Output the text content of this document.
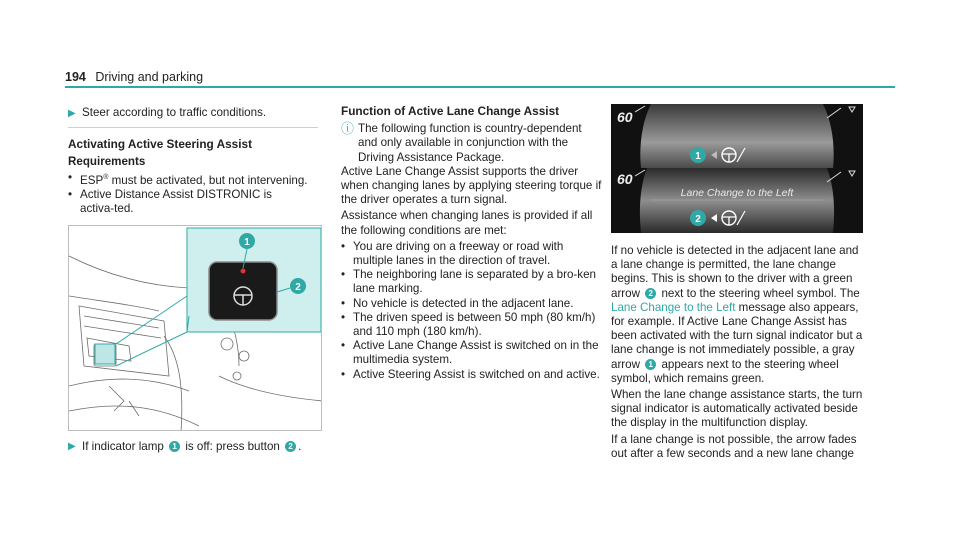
194 Driving and parking
▶ Steer according to traffic conditions.
Activating Active Steering Assist
Requirements
• ESP® must be activated, but not intervening.
• Active Distance Assist DISTRONIC is activa‑ted.
1
2
▶ If indicator lamp 1 is off: press button 2 .
Function of Active Lane Change Assist
ⓘ The following function is country‑dependent and only available in conjunction with the Driving Assistance Package.

Active Lane Change Assist supports the driver when changing lanes by applying steering torque if the driver operates a turn signal.

Assistance when changing lanes is provided if all the following conditions are met:

• You are driving on a freeway or road with multiple lanes in the direction of travel.
• The neighboring lane is separated by a bro‑ken lane marking.
• No vehicle is detected in the adjacent lane.
• The driven speed is between 50 mph (80 km/h) and 110 mph (180 km/h).
• Active Lane Change Assist is switched on in the multimedia system.
• Active Steering Assist is switched on and active.
60
1
60
Lane Change to the Left
2

If no vehicle is detected in the adjacent lane and a lane change is permitted, the lane change begins. This is shown to the driver with a green arrow 2 next to the steering wheel symbol. The Lane Change to the Left message also appears, for example. If Active Lane Change Assist has been activated with the turn signal indicator but a lane change is not immediately possible, a gray arrow 1 appears next to the steering wheel symbol, which remains green.

When the lane change assistance starts, the turn signal indicator is automatically activated beside the display in the multifunction display.

If a lane change is not possible, the arrow fades out after a few seconds and a new lane change
